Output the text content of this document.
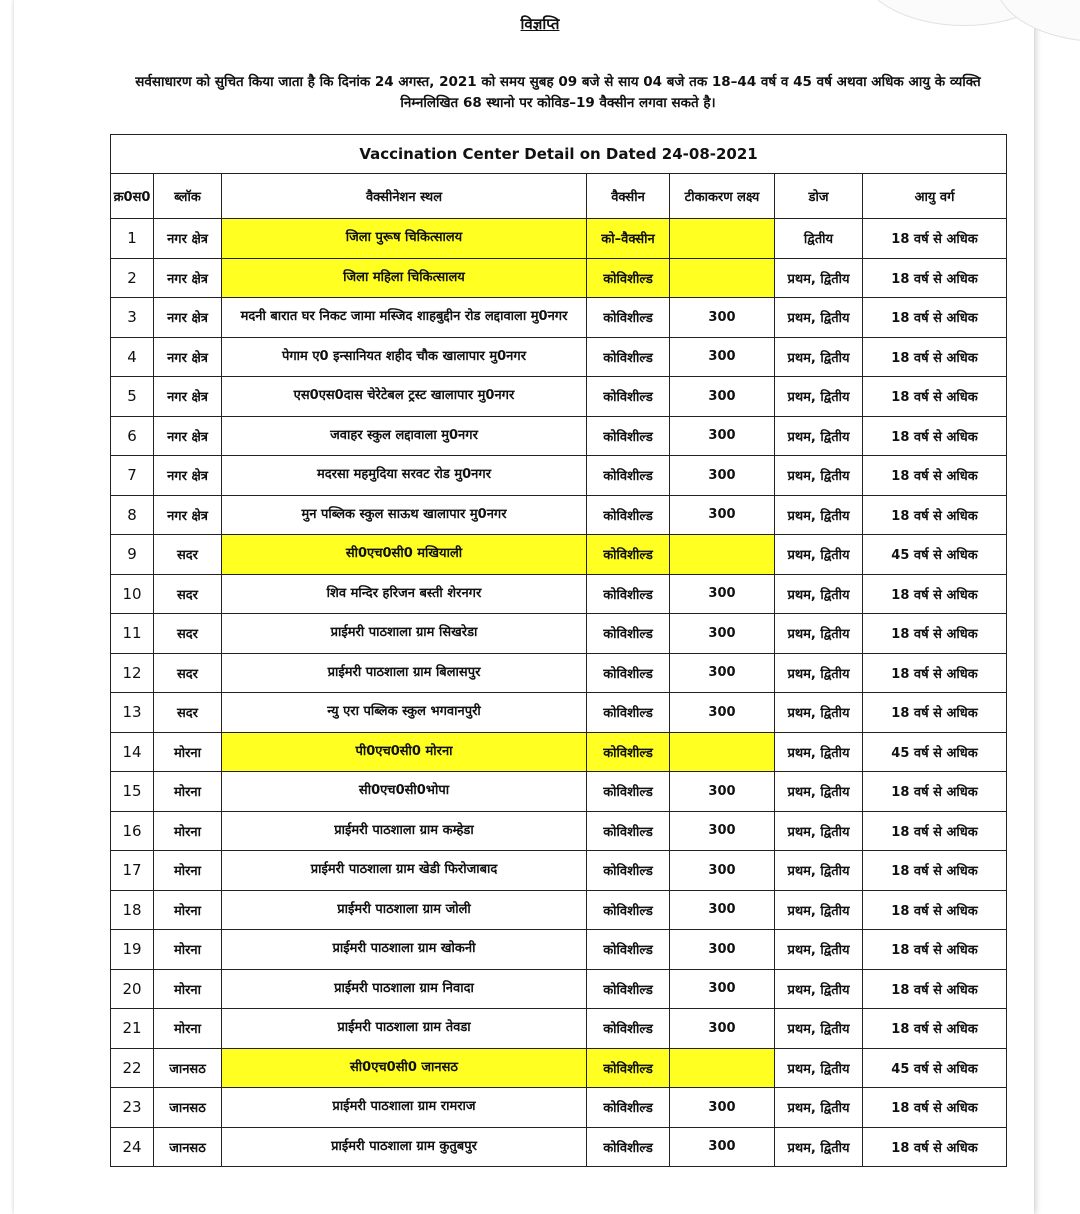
विज्ञप्ति
सर्वसाधारण को सुचित किया जाता है कि दिनांक 24 अगस्त, 2021 को समय सुबह 09 बजे से साय 04 बजे तक 18–44 वर्ष व 45 वर्ष अथवा अधिक आयु के व्यक्ति
निम्नलिखित 68 स्थानो पर कोविड–19 वैक्सीन लगवा सकते है।
Vaccination Center Detail on Dated 24-08-2021						
क्र0स0	ब्लॉक	वैक्सीनेशन स्थल	वैक्सीन	टीकाकरण लक्ष्य	डोज	आयु वर्ग
1	नगर क्षेत्र	जिला पुरूष चिकित्सालय	को–वैक्सीन		द्वितीय	18 वर्ष से अधिक
2	नगर क्षेत्र	जिला महिला चिकित्सालय	कोविशील्ड		प्रथम, द्वितीय	18 वर्ष से अधिक
3	नगर क्षेत्र	मदनी बारात घर निकट जामा मस्जिद शाहबुद्दीन रोड लद्दावाला मु0नगर	कोविशील्ड	300	प्रथम, द्वितीय	18 वर्ष से अधिक
4	नगर क्षेत्र	पेगाम ए0 इन्सानियत शहीद चौक खालापार मु0नगर	कोविशील्ड	300	प्रथम, द्वितीय	18 वर्ष से अधिक
5	नगर क्षेत्र	एस0एस0दास चेरेटेबल ट्रस्ट खालापार मु0नगर	कोविशील्ड	300	प्रथम, द्वितीय	18 वर्ष से अधिक
6	नगर क्षेत्र	जवाहर स्कुल लद्दावाला मु0नगर	कोविशील्ड	300	प्रथम, द्वितीय	18 वर्ष से अधिक
7	नगर क्षेत्र	मदरसा महमुदिया सरवट रोड मु0नगर	कोविशील्ड	300	प्रथम, द्वितीय	18 वर्ष से अधिक
8	नगर क्षेत्र	मुन पब्लिक स्कुल साऊथ खालापार मु0नगर	कोविशील्ड	300	प्रथम, द्वितीय	18 वर्ष से अधिक
9	सदर	सी0एच0सी0 मखियाली	कोविशील्ड		प्रथम, द्वितीय	45 वर्ष से अधिक
10	सदर	शिव मन्दिर हरिजन बस्ती शेरनगर	कोविशील्ड	300	प्रथम, द्वितीय	18 वर्ष से अधिक
11	सदर	प्राईमरी पाठशाला ग्राम सिखरेडा	कोविशील्ड	300	प्रथम, द्वितीय	18 वर्ष से अधिक
12	सदर	प्राईमरी पाठशाला ग्राम बिलासपुर	कोविशील्ड	300	प्रथम, द्वितीय	18 वर्ष से अधिक
13	सदर	न्यु एरा पब्लिक स्कुल भगवानपुरी	कोविशील्ड	300	प्रथम, द्वितीय	18 वर्ष से अधिक
14	मोरना	पी0एच0सी0 मोरना	कोविशील्ड		प्रथम, द्वितीय	45 वर्ष से अधिक
15	मोरना	सी0एच0सी0भोपा	कोविशील्ड	300	प्रथम, द्वितीय	18 वर्ष से अधिक
16	मोरना	प्राईमरी पाठशाला ग्राम कम्हेडा	कोविशील्ड	300	प्रथम, द्वितीय	18 वर्ष से अधिक
17	मोरना	प्राईमरी पाठशाला ग्राम खेडी फिरोजाबाद	कोविशील्ड	300	प्रथम, द्वितीय	18 वर्ष से अधिक
18	मोरना	प्राईमरी पाठशाला ग्राम जोली	कोविशील्ड	300	प्रथम, द्वितीय	18 वर्ष से अधिक
19	मोरना	प्राईमरी पाठशाला ग्राम खोकनी	कोविशील्ड	300	प्रथम, द्वितीय	18 वर्ष से अधिक
20	मोरना	प्राईमरी पाठशाला ग्राम निवादा	कोविशील्ड	300	प्रथम, द्वितीय	18 वर्ष से अधिक
21	मोरना	प्राईमरी पाठशाला ग्राम तेवडा	कोविशील्ड	300	प्रथम, द्वितीय	18 वर्ष से अधिक
22	जानसठ	सी0एच0सी0 जानसठ	कोविशील्ड		प्रथम, द्वितीय	45 वर्ष से अधिक
23	जानसठ	प्राईमरी पाठशाला ग्राम रामराज	कोविशील्ड	300	प्रथम, द्वितीय	18 वर्ष से अधिक
24	जानसठ	प्राईमरी पाठशाला ग्राम कुतुबपुर	कोविशील्ड	300	प्रथम, द्वितीय	18 वर्ष से अधिक
